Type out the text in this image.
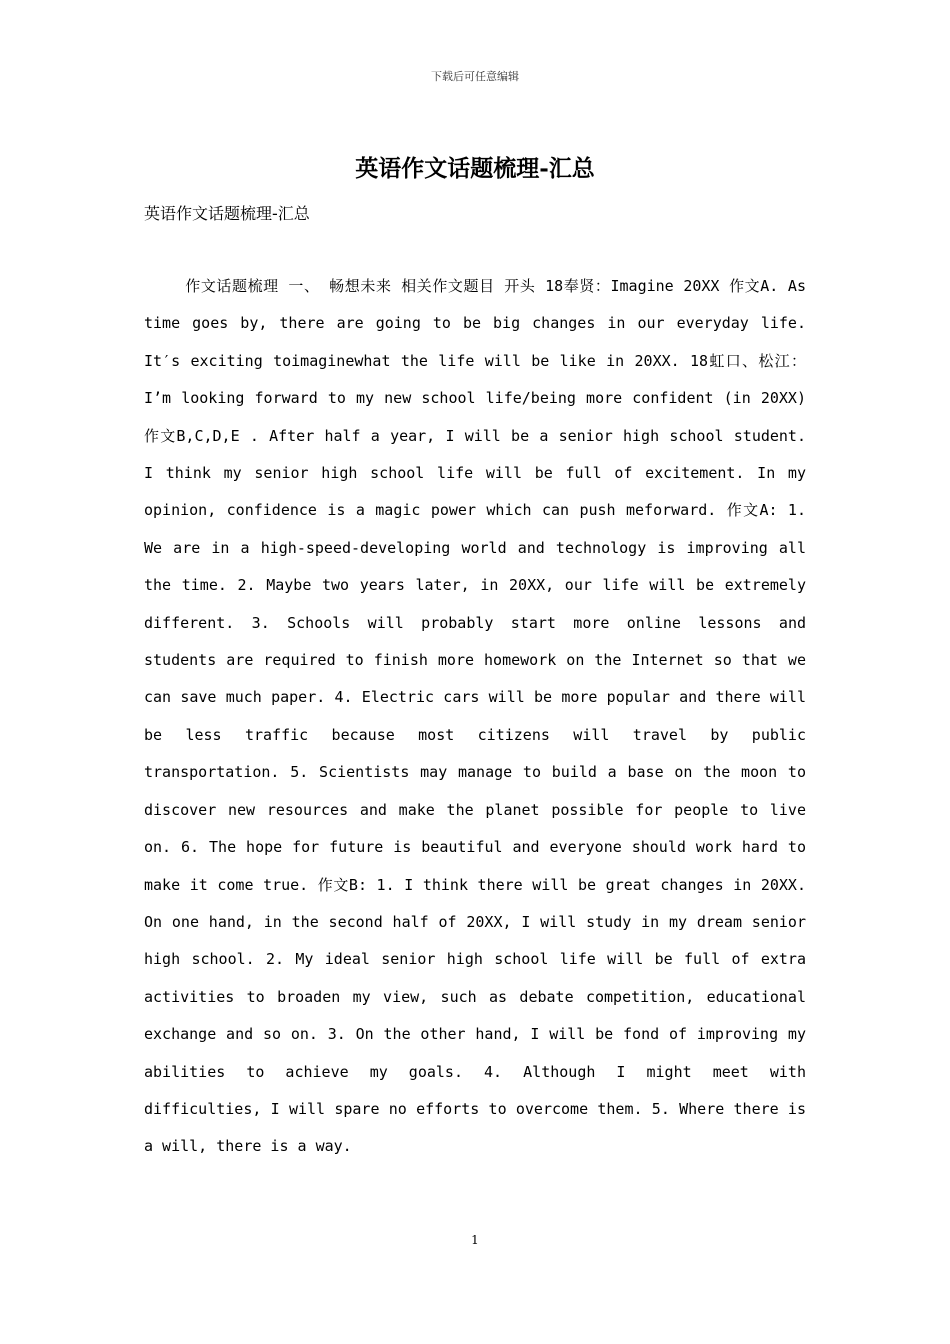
下载后可任意编辑
英语作文话题梳理-汇总

英语作文话题梳理-汇总

作文话题梳理 一、 畅想未来 相关作文题目 开头 18奉贤：Imagine 20XX 作文A. As time goes by, there are going to be big changes in our everyday life. It′s exciting toimaginewhat the life will be like in 20XX. 18虹口、松江：I’m looking forward to my new school life/being more confident (in 20XX) 作文B,C,D,E . After half a year, I will be a senior high school student. I think my senior high school life will be full of excitement. In my opinion, confidence is a magic power which can push meforward. 作文A: 1. We are in a high-speed-developing world and technology is improving all the time. 2. Maybe two years later, in 20XX, our life will be extremely different. 3. Schools will probably start more online lessons and students are required to finish more homework on the Internet so that we can save much paper. 4. Electric cars will be more popular and there will be less traffic because most citizens will travel by public transportation. 5. Scientists may manage to build a base on the moon to discover new resources and make the planet possible for people to live on. 6. The hope for future is beautiful and everyone should work hard to make it come true. 作文B: 1. I think there will be great changes in 20XX. On one hand, in the second half of 20XX, I will study in my dream senior high school. 2. My ideal senior high school life will be full of extra activities to broaden my view, such as debate competition, educational exchange and so on. 3. On the other hand, I will be fond of improving my abilities to achieve my goals. 4. Although I might meet with difficulties, I will spare no efforts to overcome them. 5. Where there is a will, there is a way.

1
